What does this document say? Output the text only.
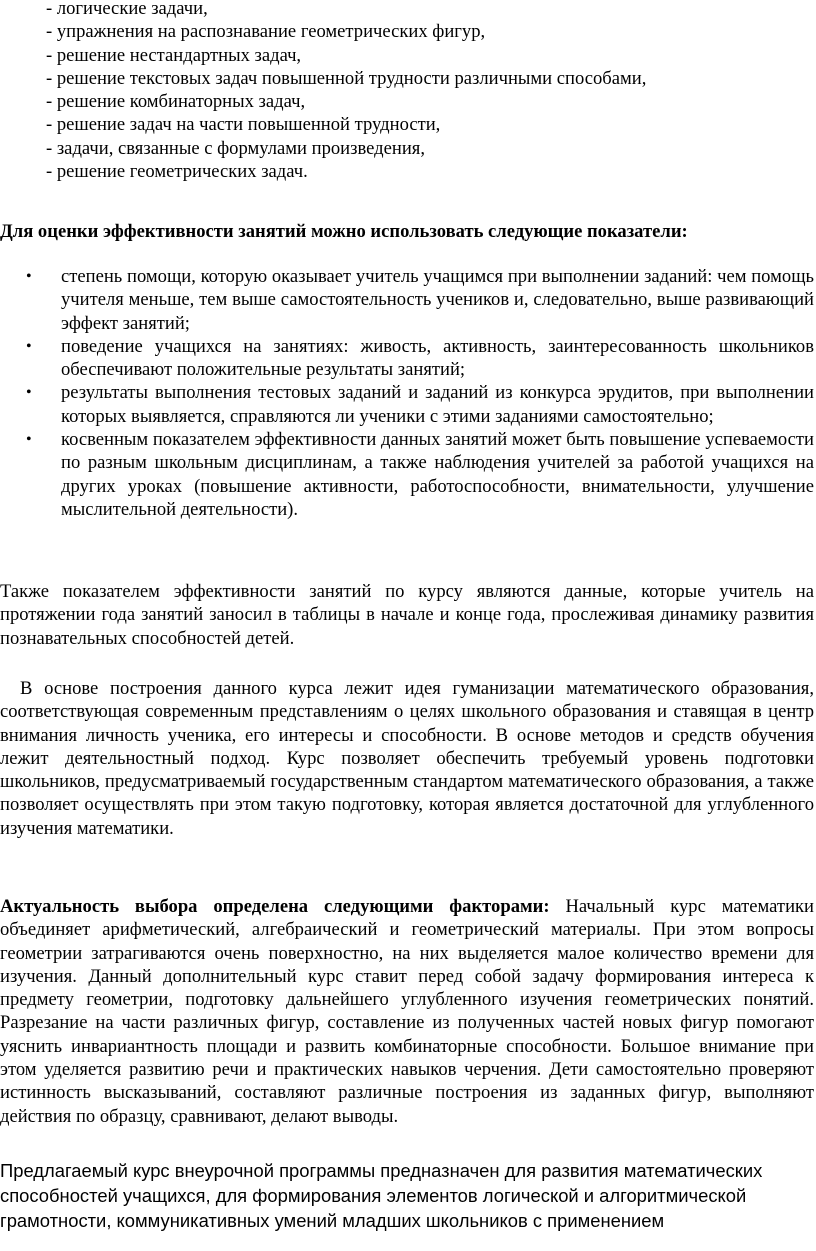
- логические задачи,
- упражнения на распознавание геометрических фигур,
- решение нестандартных задач,
- решение текстовых задач повышенной трудности различными способами,
- решение комбинаторных задач,
- решение задач на части повышенной трудности,
- задачи, связанные с формулами произведения,
- решение геометрических задач.
Для оценки эффективности занятий можно использовать следующие показатели:
• степень помощи, которую оказывает учитель учащимся при выполнении заданий: чем помощь учителя меньше, тем выше самостоятельность учеников и, следовательно, выше развивающий эффект занятий;
• поведение учащихся на занятиях: живость, активность, заинтересованность школьников обеспечивают положительные результаты занятий;
• результаты выполнения тестовых заданий и заданий из конкурса эрудитов, при выполнении которых выявляется, справляются ли ученики с этими заданиями самостоятельно;
• косвенным показателем эффективности данных занятий может быть повышение успеваемости по разным школьным дисциплинам, а также наблюдения учителей за работой учащихся на других уроках (повышение активности, работоспособности, внимательности, улучшение мыслительной деятельности).

Также показателем эффективности занятий по курсу являются данные, которые учитель на протяжении года занятий заносил в таблицы в начале и конце года, прослеживая динамику развития познавательных способностей детей.

В основе построения данного курса лежит идея гуманизации математического образования, соответствующая современным представлениям о целях школьного образования и ставящая в центр внимания личность ученика, его интересы и способности. В основе методов и средств обучения лежит деятельностный подход. Курс позволяет обеспечить требуемый уровень подготовки школьников, предусматриваемый государственным стандартом математического образования, а также позволяет осуществлять при этом такую подготовку, которая является достаточной для углубленного изучения математики.

Актуальность выбора определена следующими факторами: Начальный курс математики объединяет арифметический, алгебраический и геометрический материалы. При этом вопросы геометрии затрагиваются очень поверхностно, на них выделяется малое количество времени для изучения. Данный дополнительный курс ставит перед собой задачу формирования интереса к предмету геометрии, подготовку дальнейшего углубленного изучения геометрических понятий. Разрезание на части различных фигур, составление из полученных частей новых фигур помогают уяснить инвариантность площади и развить комбинаторные способности. Большое внимание при этом уделяется развитию речи и практических навыков черчения. Дети самостоятельно проверяют истинность высказываний, составляют различные построения из заданных фигур, выполняют действия по образцу, сравнивают, делают выводы.

Предлагаемый курс внеурочной программы предназначен для развития математических
способностей учащихся, для формирования элементов логической и алгоритмической
грамотности, коммуникативных умений младших школьников с применением
